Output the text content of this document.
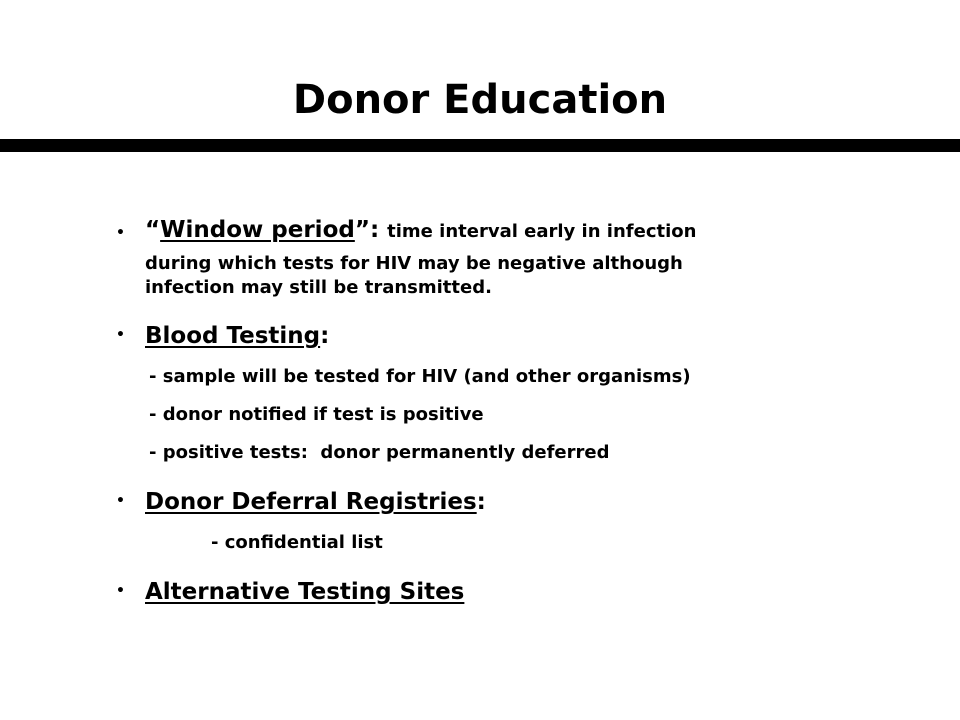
Donor Education
• “Window period”: time interval early in infection
during which tests for HIV may be negative although
infection may still be transmitted.
• Blood Testing:
- sample will be tested for HIV (and other organisms)
- donor notified if test is positive
- positive tests:  donor permanently deferred
• Donor Deferral Registries:
- confidential list
• Alternative Testing Sites
